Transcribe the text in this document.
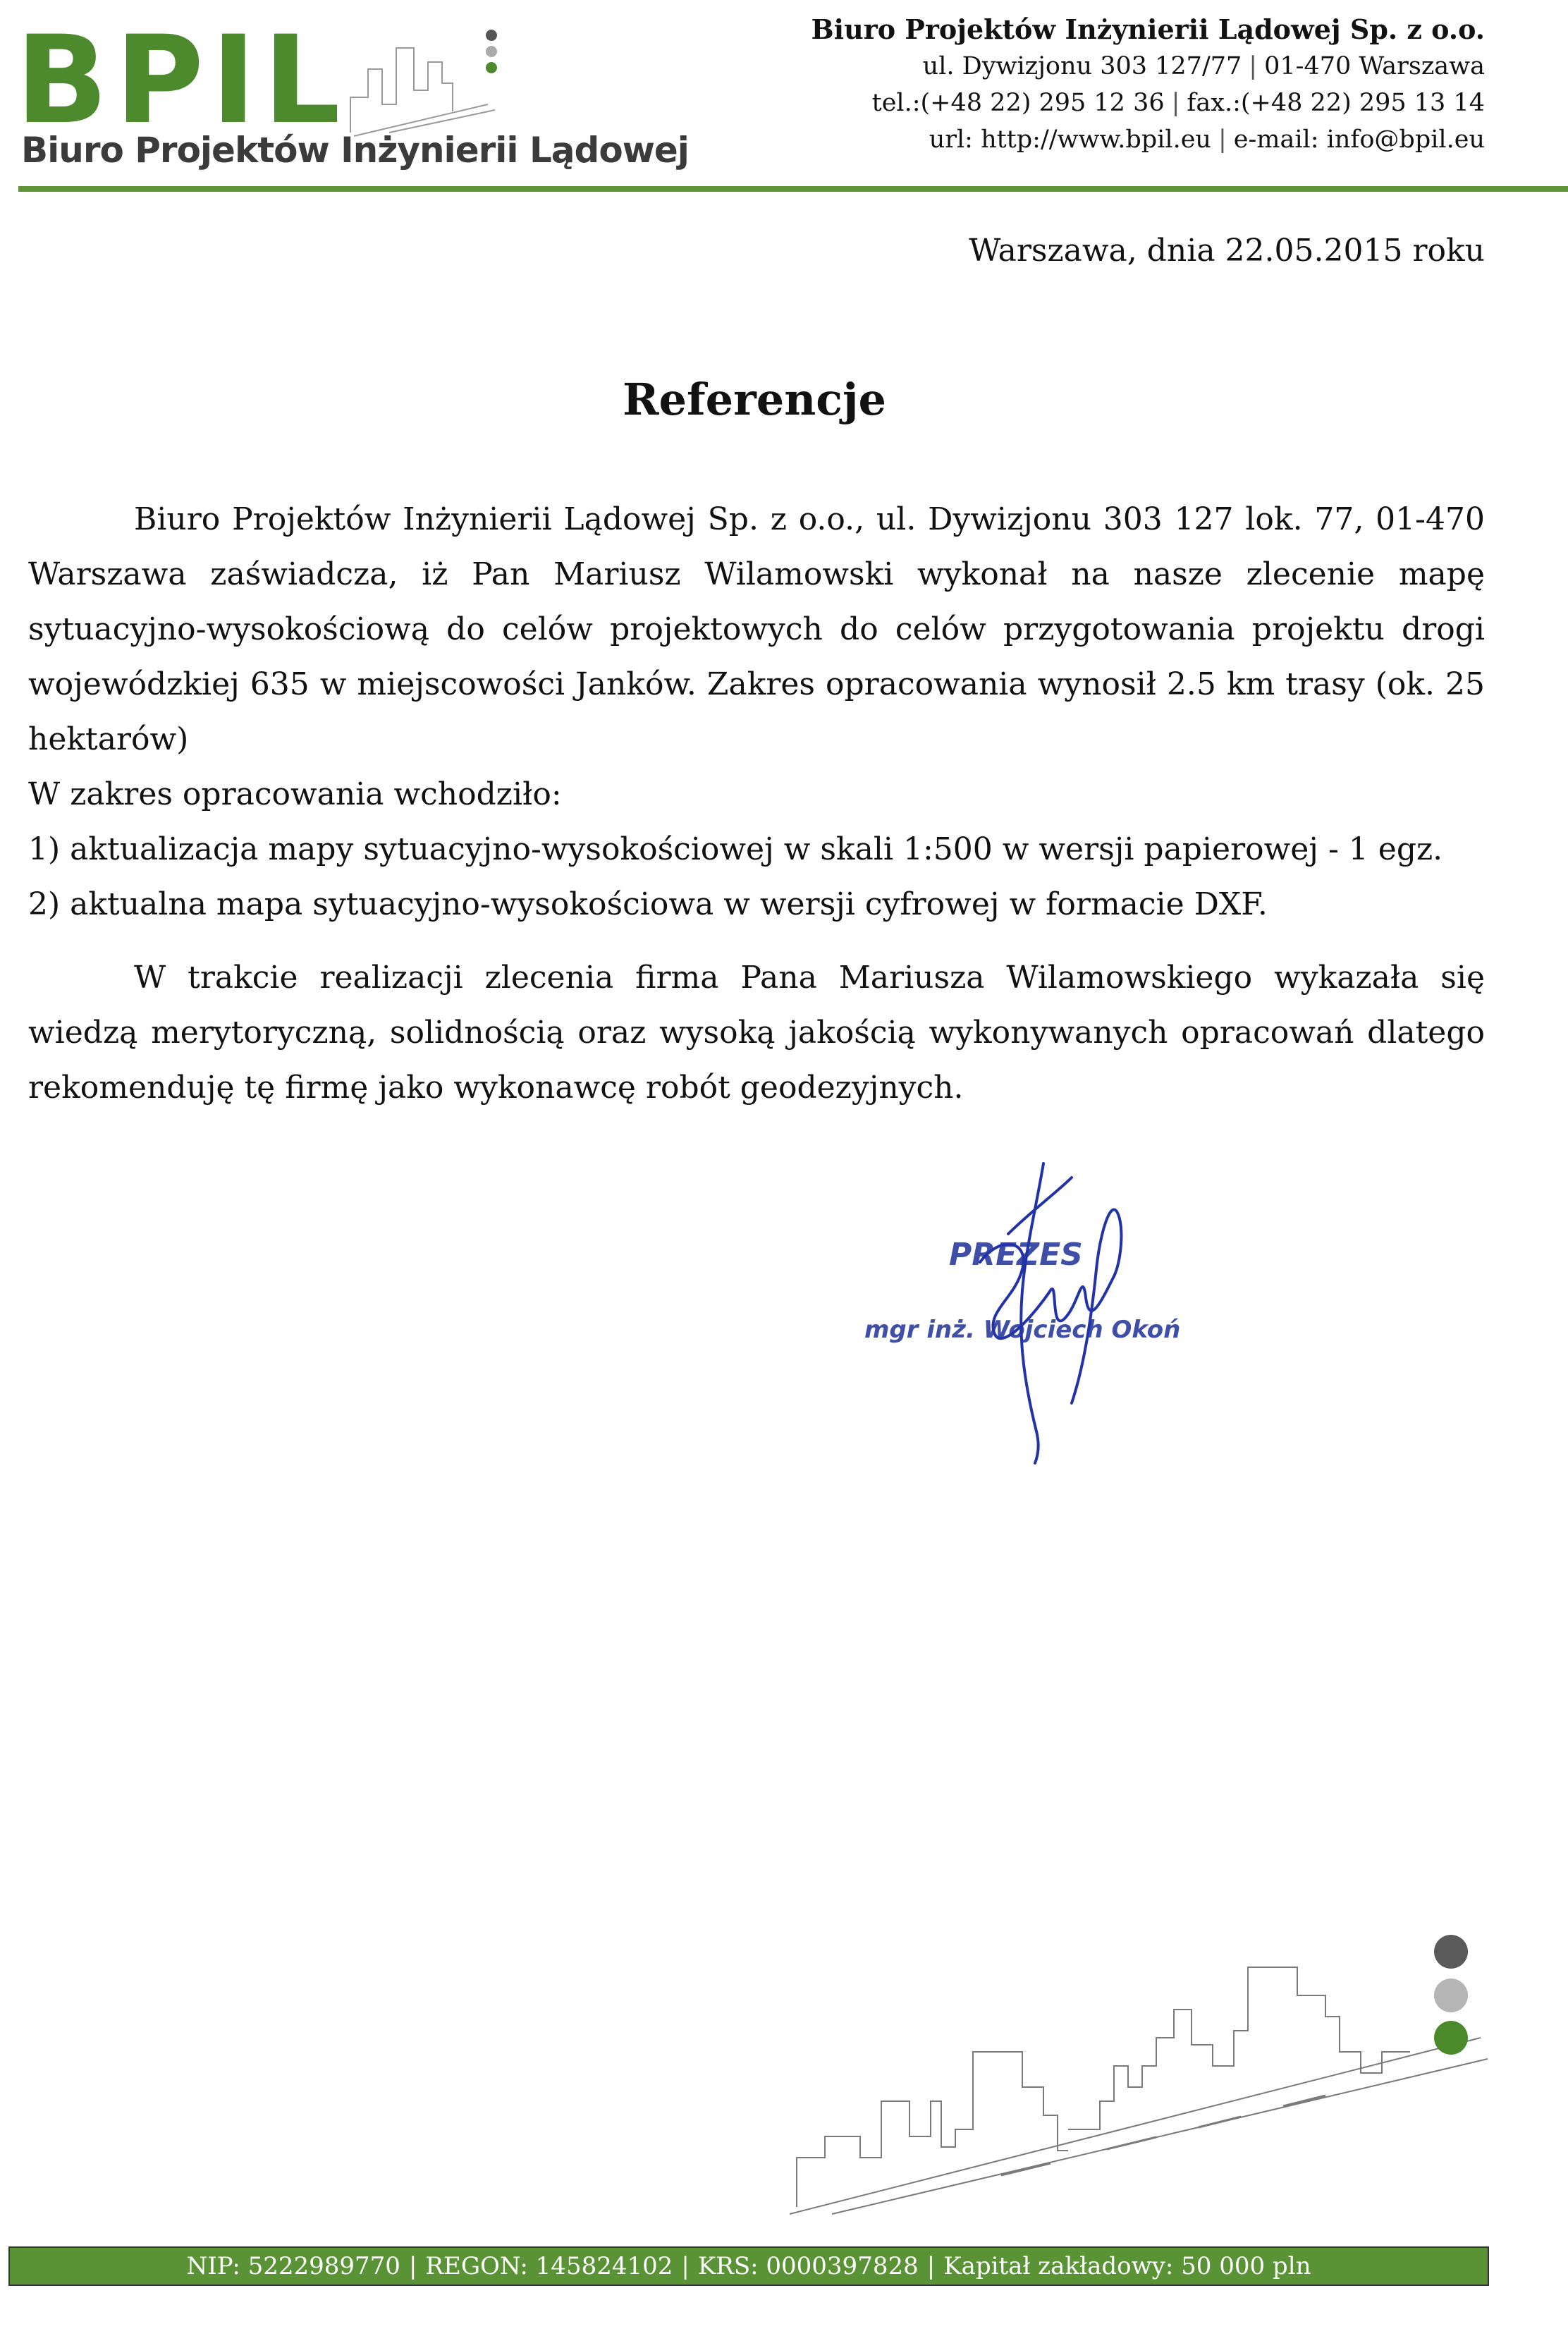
BPIL
Biuro Projektów Inżynierii Lądowej
Biuro Projektów Inżynierii Lądowej Sp. z o.o.
ul. Dywizjonu 303 127/77 | 01-470 Warszawa
tel.:(+48 22) 295 12 36 | fax.:(+48 22) 295 13 14
url: http://www.bpil.eu | e-mail: info@bpil.eu
Warszawa, dnia 22.05.2015 roku
Referencje

Biuro Projektów Inżynierii Lądowej Sp. z o.o., ul. Dywizjonu 303 127 lok. 77, 01-470 Warszawa zaświadcza, iż Pan Mariusz Wilamowski wykonał na nasze zlecenie mapę sytuacyjno-wysokościową do celów projektowych do celów przygotowania projektu drogi wojewódzkiej 635 w miejscowości Janków. Zakres opracowania wynosił 2.5 km trasy (ok. 25 hektarów)

W zakres opracowania wchodziło:

1) aktualizacja mapy sytuacyjno-wysokościowej w skali 1:500 w wersji papierowej - 1 egz.

2) aktualna mapa sytuacyjno-wysokościowa w wersji cyfrowej w formacie DXF.

W trakcie realizacji zlecenia firma Pana Mariusza Wilamowskiego wykazała się wiedzą merytoryczną, solidnością oraz wysoką jakością wykonywanych opracowań dlatego rekomenduję tę firmę jako wykonawcę robót geodezyjnych.

PREZES
mgr inż. Wojciech Okoń
NIP: 5222989770 | REGON: 145824102 | KRS: 0000397828 | Kapitał zakładowy: 50 000 pln
